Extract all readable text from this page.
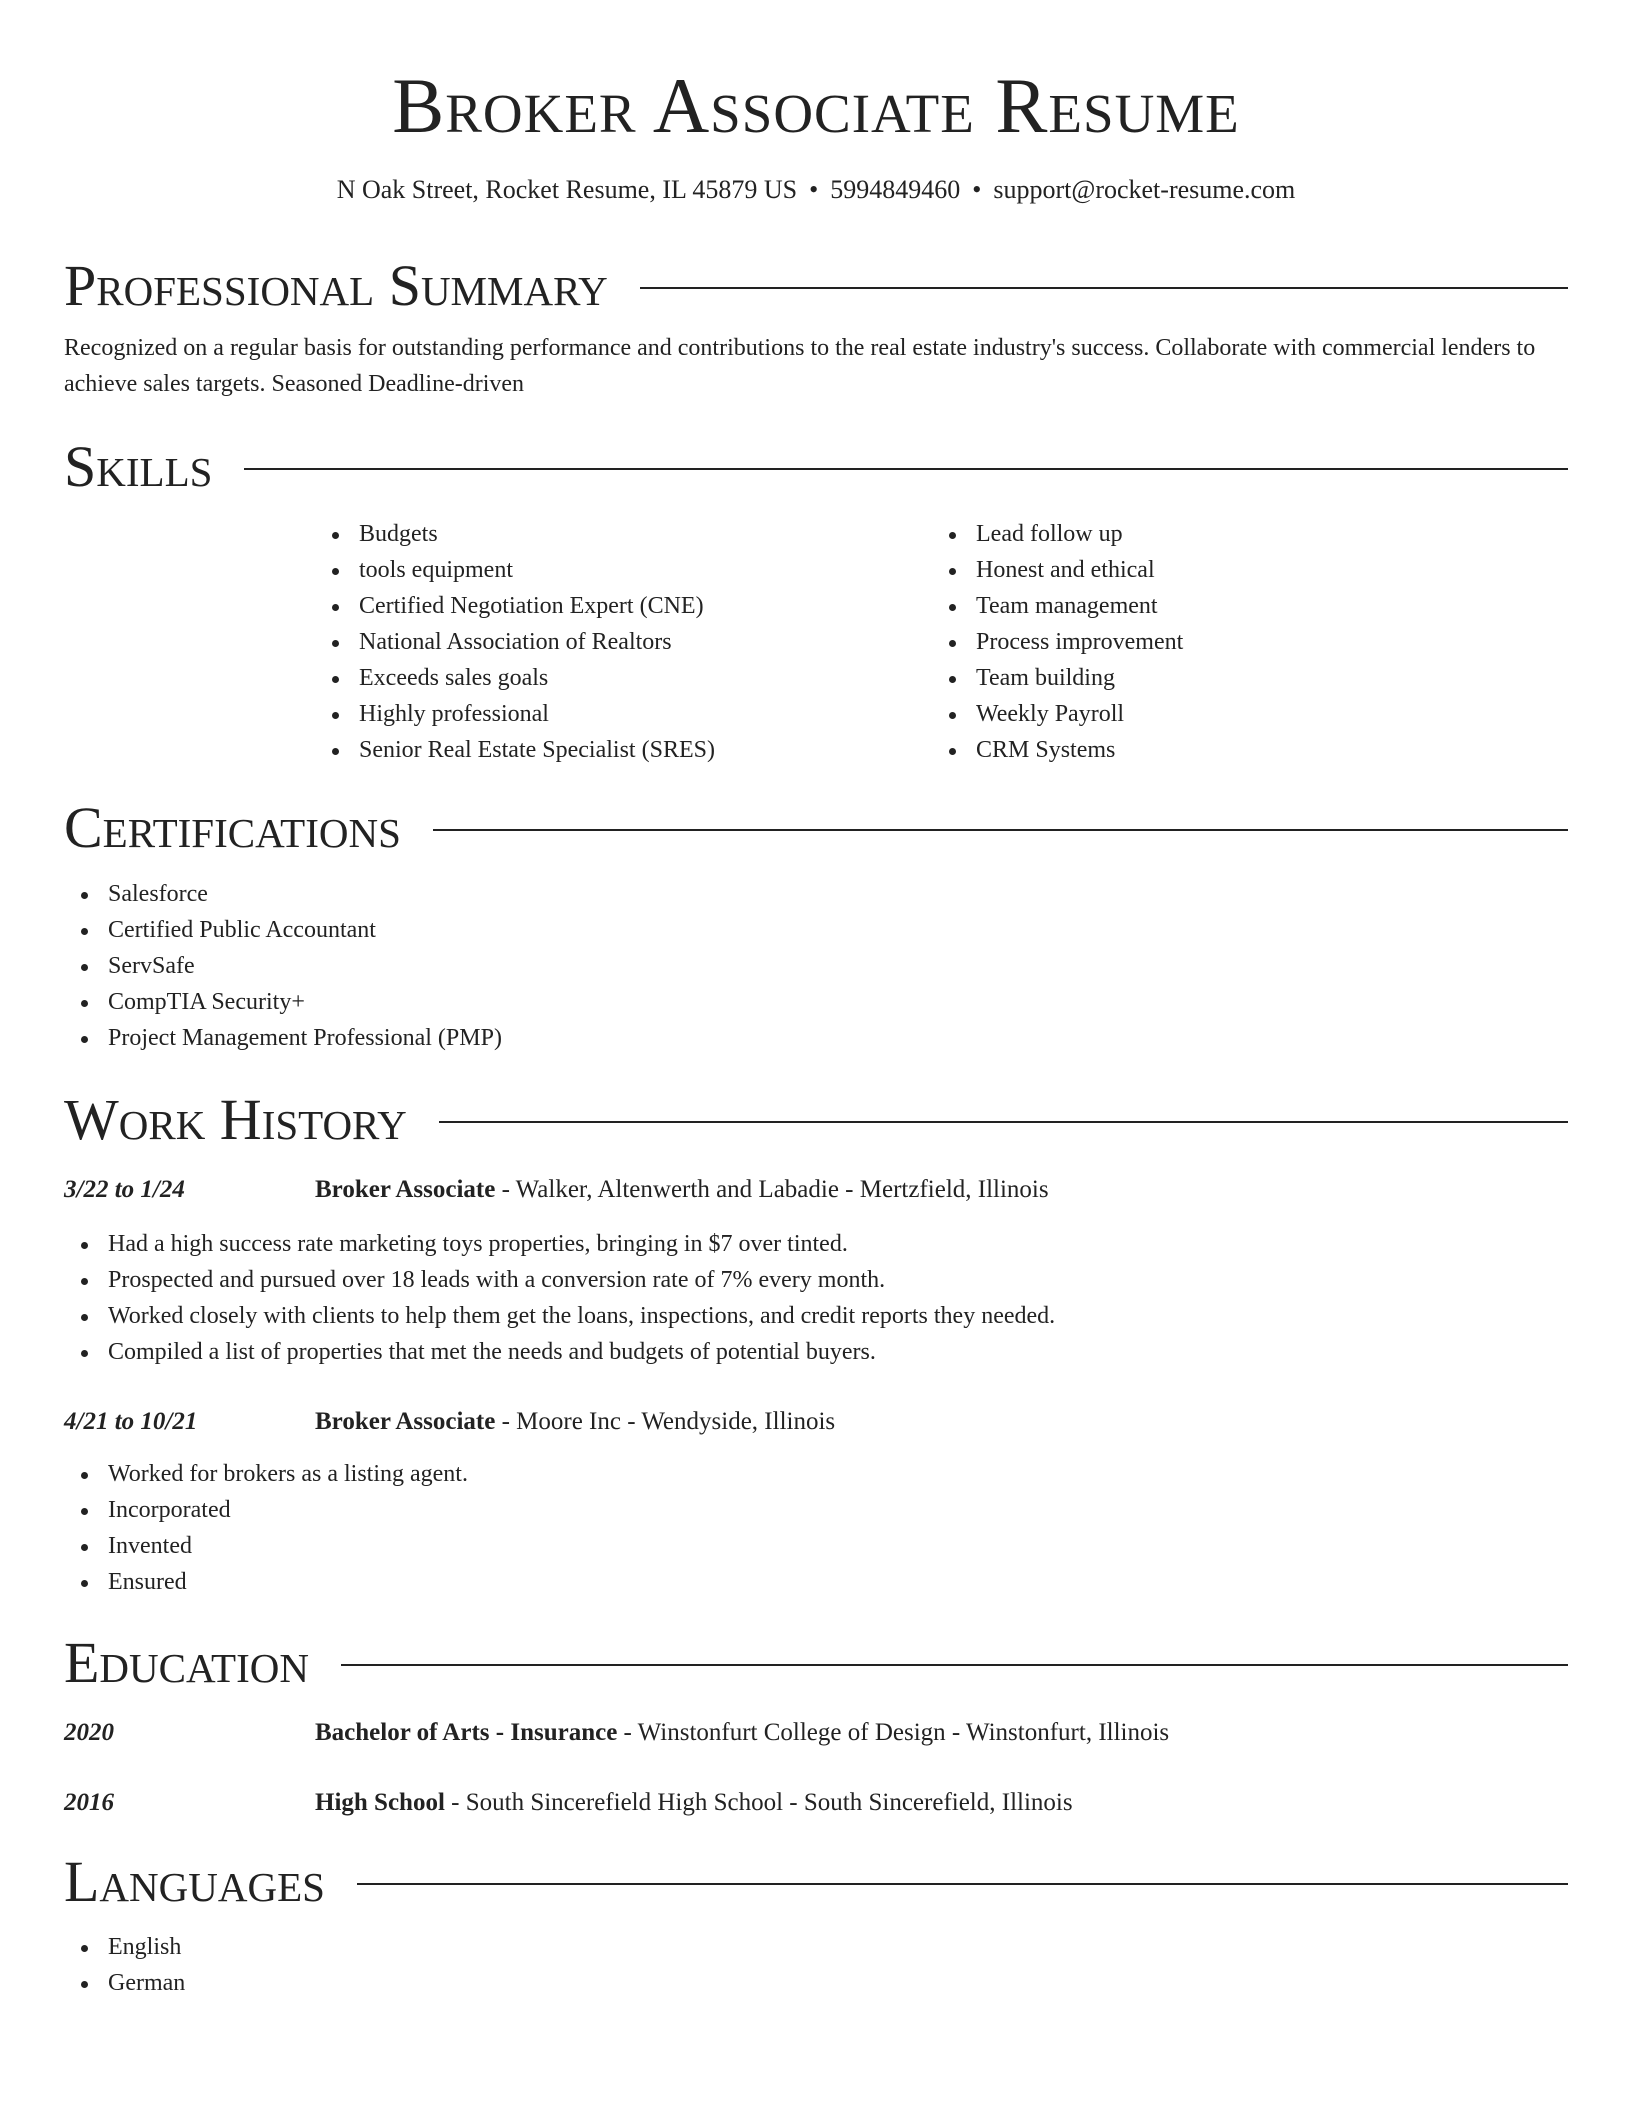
Broker Associate Resume
N Oak Street, Rocket Resume, IL 45879 US • 5994849460 • support@rocket-resume.com
Professional Summary

Recognized on a regular basis for outstanding performance and contributions to the real estate industry's success. Collaborate with commercial lenders to achieve sales targets. Seasoned Deadline-driven

Skills
Budgets
tools equipment
Certified Negotiation Expert (CNE)
National Association of Realtors
Exceeds sales goals
Highly professional
Senior Real Estate Specialist (SRES)
Lead follow up
Honest and ethical
Team management
Process improvement
Team building
Weekly Payroll
CRM Systems
Certifications
Salesforce
Certified Public Accountant
ServSafe
CompTIA Security+
Project Management Professional (PMP)
Work History
3/22 to 1/24	Broker Associate - Walker, Altenwerth and Labadie - Mertzfield, Illinois
Had a high success rate marketing toys properties, bringing in $7 over tinted.
Prospected and pursued over 18 leads with a conversion rate of 7% every month.
Worked closely with clients to help them get the loans, inspections, and credit reports they needed.
Compiled a list of properties that met the needs and budgets of potential buyers.
4/21 to 10/21	Broker Associate - Moore Inc - Wendyside, Illinois
Worked for brokers as a listing agent.
Incorporated
Invented
Ensured
Education
2020	Bachelor of Arts - Insurance - Winstonfurt College of Design - Winstonfurt, Illinois
2016	High School - South Sincerefield High School - South Sincerefield, Illinois
Languages
English
German
